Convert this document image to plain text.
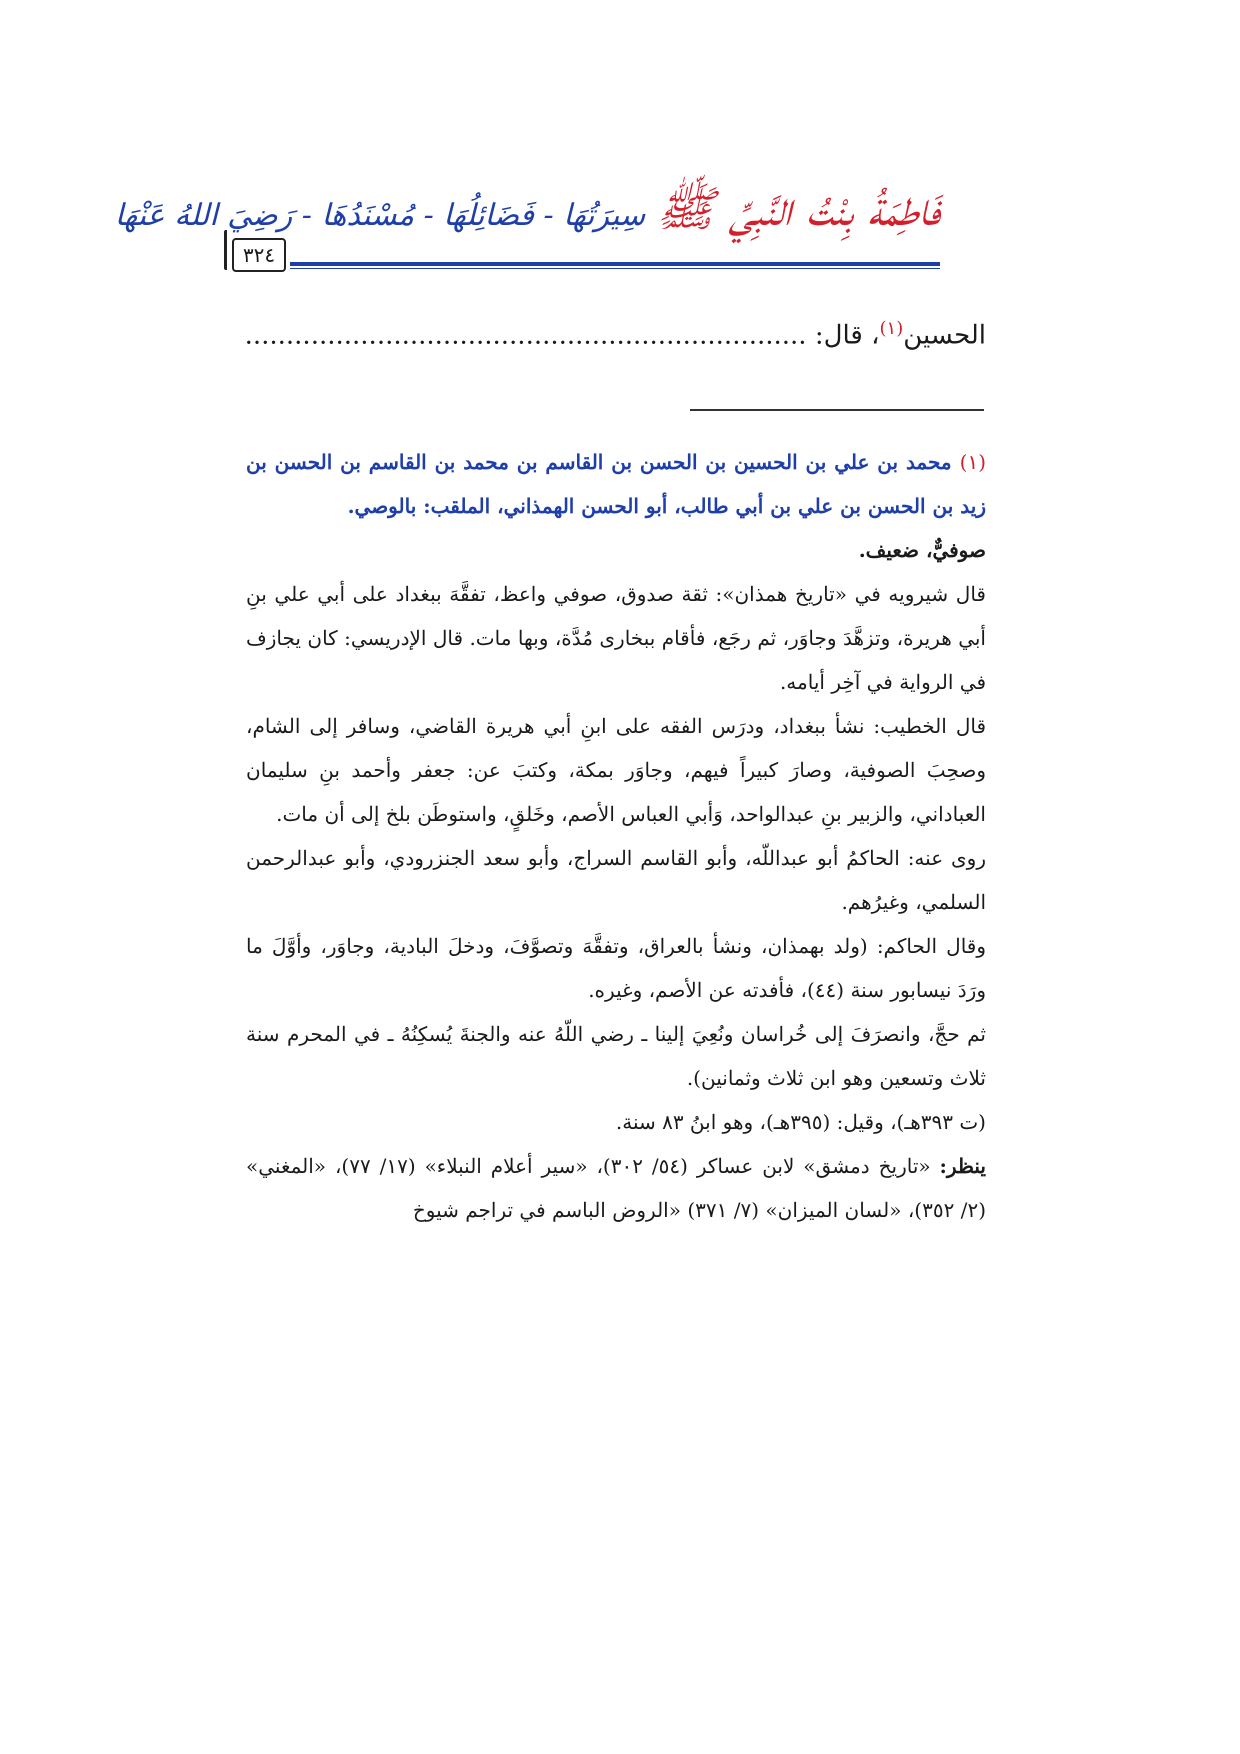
فَاطِمَةُ بِنْتُ النَّبِيِّ ﷺ سِيرَتُهَا - فَضَائِلُهَا - مُسْنَدُهَا - رَضِيَ اللهُ عَنْهَا
٣٢٤
الحسين$^{(١)}$، قال: ....................................................................

(١)محمد بن علي بن الحسين بن الحسن بن القاسم بن محمد بن القاسم بن الحسن بن زيد بن الحسن بن علي بن أبي طالب، أبو الحسن الهمذاني، الملقب: بالوصي.

صوفيٌّ، ضعيف.

قال شيرويه في «تاريخ همذان»: ثقة صدوق، صوفي واعظ، تفقَّهَ ببغداد على أبي علي بنِ أبي هريرة، وتزهَّدَ وجاوَر، ثم رجَع، فأقام ببخارى مُدَّة، وبها مات. قال الإدريسي: كان يجازف في الرواية في آخِر أيامه.

قال الخطيب: نشأ ببغداد، ودرَس الفقه على ابنِ أبي هريرة القاضي، وسافر إلى الشام، وصحِبَ الصوفية، وصارَ كبيراً فيهم، وجاوَر بمكة، وكتبَ عن: جعفر وأحمد بنِ سليمان العباداني، والزبير بنِ عبدالواحد، وَأبي العباس الأصم، وخَلقٍ، واستوطَن بلخ إلى أن مات.

روى عنه: الحاكمُ أبو عبداللّه، وأبو القاسم السراج، وأبو سعد الجنزرودي، وأبو عبدالرحمن السلمي، وغيرُهم.

وقال الحاكم: (ولد بهمذان، ونشأ بالعراق، وتفقَّهَ وتصوَّفَ، ودخلَ البادية، وجاوَر، وأوَّلَ ما ورَدَ نيسابور سنة (٤٤)، فأفدته عن الأصم، وغيره.

ثم حجَّ، وانصرَفَ إلى خُراسان ونُعِيَ إلينا ـ رضي اللّهُ عنه والجنةَ يُسكِنُهُ ـ في المحرم سنة ثلاث وتسعين وهو ابن ثلاث وثمانين).

(ت ٣٩٣هـ)، وقيل: (٣٩٥هـ)، وهو ابنُ ٨٣ سنة.

ينظر: «تاريخ دمشق» لابن عساكر (٥٤/ ٣٠٢)، «سير أعلام النبلاء» (١٧/ ٧٧)، «المغني» (٢/ ٣٥٢)، «لسان الميزان» (٧/ ٣٧١) «الروض الباسم في تراجم شيوخ
